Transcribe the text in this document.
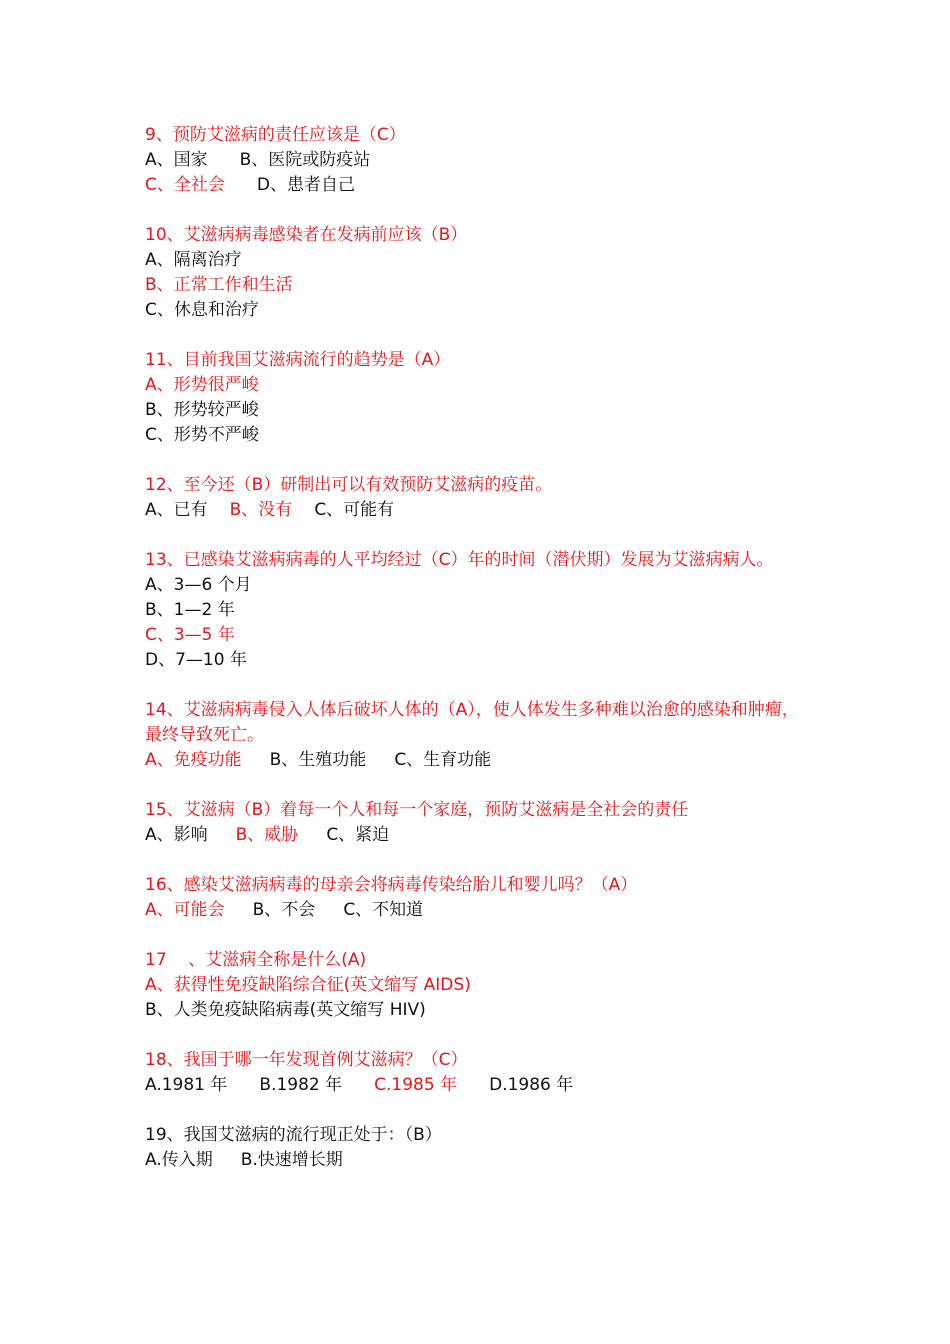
9、预防艾滋病的责任应该是（C）
A、国家 B、医院或防疫站
C、全社会 D、患者自己
10、艾滋病病毒感染者在发病前应该（B）
A、隔离治疗
B、正常工作和生活
C、休息和治疗
11、目前我国艾滋病流行的趋势是（A）
A、形势很严峻
B、形势较严峻
C、形势不严峻
12、至今还（B）研制出可以有效预防艾滋病的疫苗。
A、已有 B、没有 C、可能有
13、已感染艾滋病病毒的人平均经过（C）年的时间（潜伏期）发展为艾滋病病人。
A、3—6 个月
B、1—2 年
C、3—5 年
D、7—10 年
14、艾滋病病毒侵入人体后破坏人体的（A），使人体发生多种难以治愈的感染和肿瘤，最终导致死亡。
A、免疫功能 B、生殖功能 C、生育功能
15、艾滋病（B）着每一个人和每一个家庭，预防艾滋病是全社会的责任
A、影响 B、威胁 C、紧迫
16、感染艾滋病病毒的母亲会将病毒传染给胎儿和婴儿吗？（A）
A、可能会 B、不会 C、不知道
17    、艾滋病全称是什么(A)
A、获得性免疫缺陷综合征(英文缩写 AIDS)
B、人类免疫缺陷病毒(英文缩写 HIV)
18、我国于哪一年发现首例艾滋病？（C）
A.1981 年 B.1982 年 C.1985 年 D.1986 年
19、我国艾滋病的流行现正处于：（B）
A.传入期 B.快速增长期
